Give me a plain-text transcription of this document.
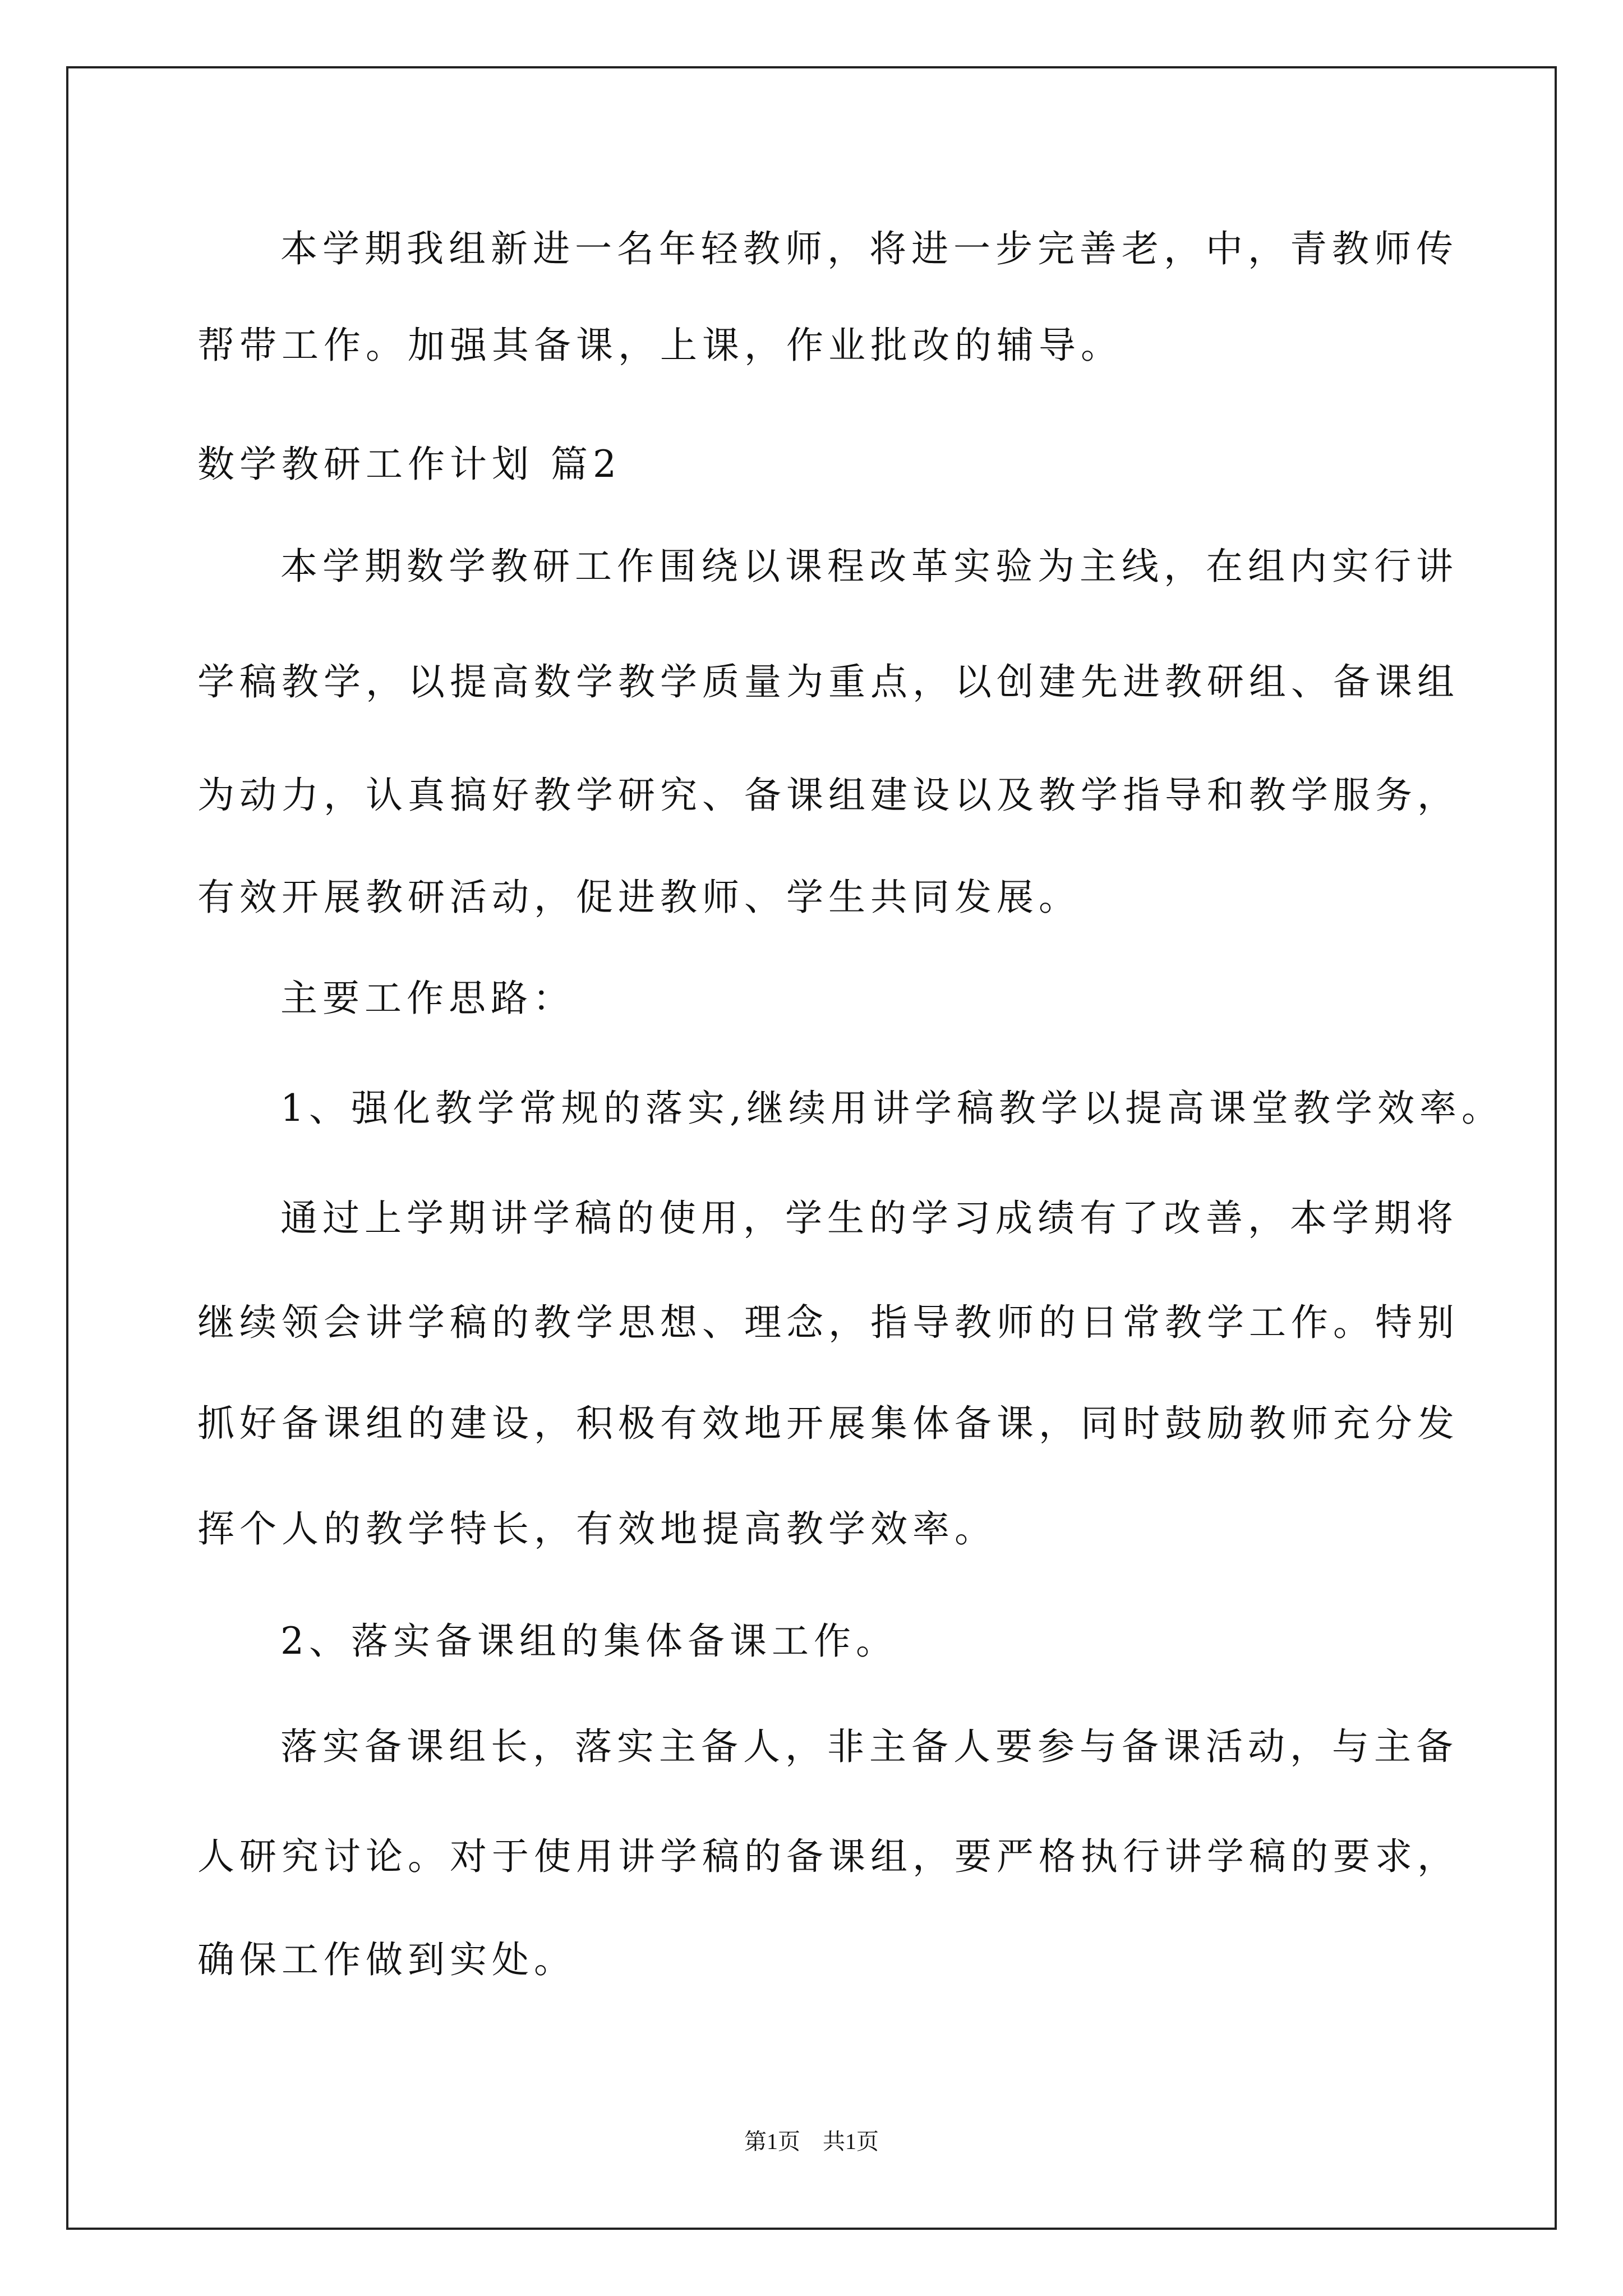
本学期我组新进一名年轻教师，将进一步完善老，中，青教师传
帮带工作。加强其备课，上课，作业批改的辅导。
数学教研工作计划 篇2
本学期数学教研工作围绕以课程改革实验为主线，在组内实行讲
学稿教学，以提高数学教学质量为重点，以创建先进教研组、备课组
为动力，认真搞好教学研究、备课组建设以及教学指导和教学服务，
有效开展教研活动，促进教师、学生共同发展。
主要工作思路：
1、强化教学常规的落实,继续用讲学稿教学以提高课堂教学效率。
通过上学期讲学稿的使用，学生的学习成绩有了改善，本学期将
继续领会讲学稿的教学思想、理念，指导教师的日常教学工作。特别
抓好备课组的建设，积极有效地开展集体备课，同时鼓励教师充分发
挥个人的教学特长，有效地提高教学效率。
2、落实备课组的集体备课工作。
落实备课组长，落实主备人，非主备人要参与备课活动，与主备
人研究讨论。对于使用讲学稿的备课组，要严格执行讲学稿的要求，
确保工作做到实处。
第1页　共1页
